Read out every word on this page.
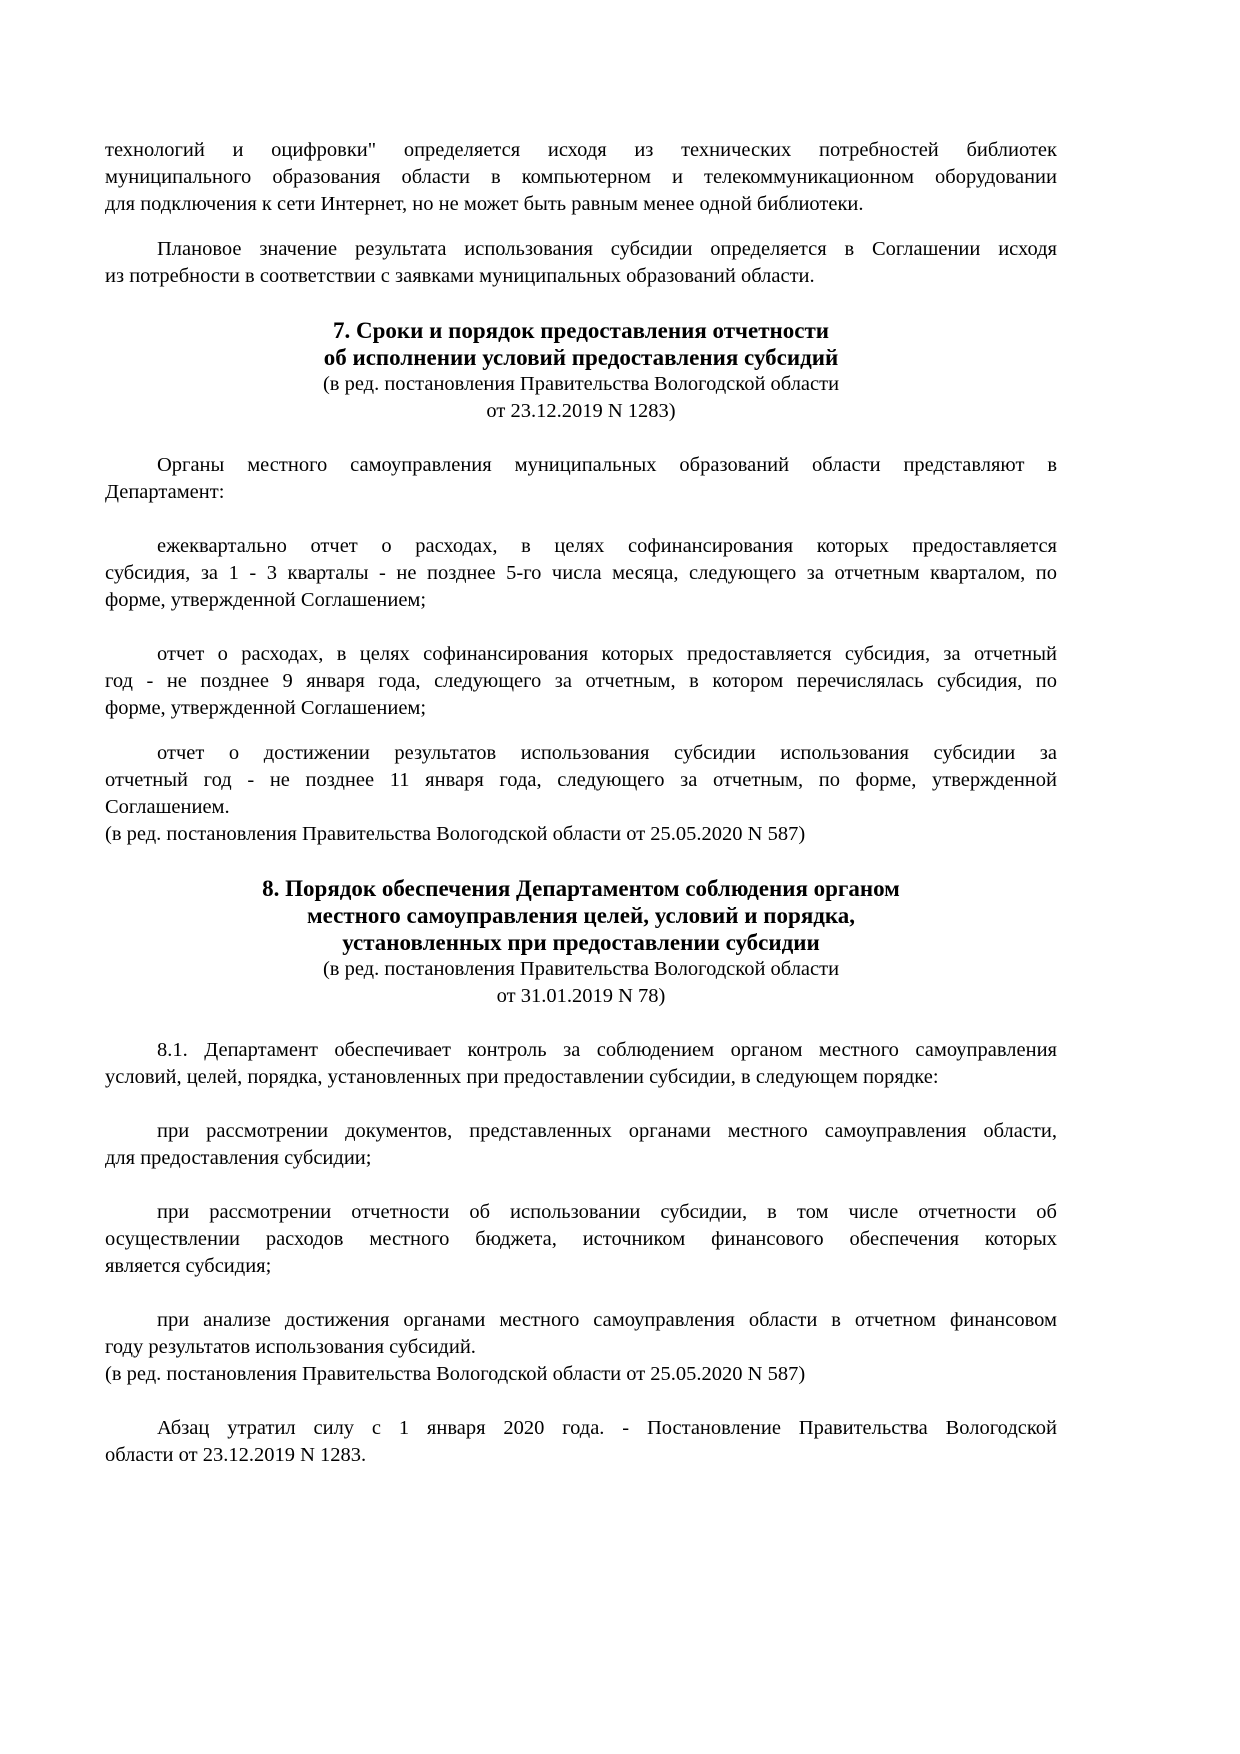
технологий и оцифровки" определяется исходя из технических потребностей библиотек
муниципального образования области в компьютерном и телекоммуникационном оборудовании
для подключения к сети Интернет, но не может быть равным менее одной библиотеки.
Плановое значение результата использования субсидии определяется в Соглашении исходя
из потребности в соответствии с заявками муниципальных образований области.
7. Сроки и порядок предоставления отчетности
об исполнении условий предоставления субсидий
(в ред. постановления Правительства Вологодской области
от 23.12.2019 N 1283)
Органы местного самоуправления муниципальных образований области представляют в
Департамент:
ежеквартально отчет о расходах, в целях софинансирования которых предоставляется
субсидия, за 1 - 3 кварталы - не позднее 5-го числа месяца, следующего за отчетным кварталом, по
форме, утвержденной Соглашением;
отчет о расходах, в целях софинансирования которых предоставляется субсидия, за отчетный
год - не позднее 9 января года, следующего за отчетным, в котором перечислялась субсидия, по
форме, утвержденной Соглашением;
отчет о достижении результатов использования субсидии использования субсидии за
отчетный год - не позднее 11 января года, следующего за отчетным, по форме, утвержденной
Соглашением.
(в ред. постановления Правительства Вологодской области от 25.05.2020 N 587)
8. Порядок обеспечения Департаментом соблюдения органом
местного самоуправления целей, условий и порядка,
установленных при предоставлении субсидии
(в ред. постановления Правительства Вологодской области
от 31.01.2019 N 78)
8.1. Департамент обеспечивает контроль за соблюдением органом местного самоуправления
условий, целей, порядка, установленных при предоставлении субсидии, в следующем порядке:
при рассмотрении документов, представленных органами местного самоуправления области,
для предоставления субсидии;
при рассмотрении отчетности об использовании субсидии, в том числе отчетности об
осуществлении расходов местного бюджета, источником финансового обеспечения которых
является субсидия;
при анализе достижения органами местного самоуправления области в отчетном финансовом
году результатов использования субсидий.
(в ред. постановления Правительства Вологодской области от 25.05.2020 N 587)
Абзац утратил силу с 1 января 2020 года. - Постановление Правительства Вологодской
области от 23.12.2019 N 1283.
